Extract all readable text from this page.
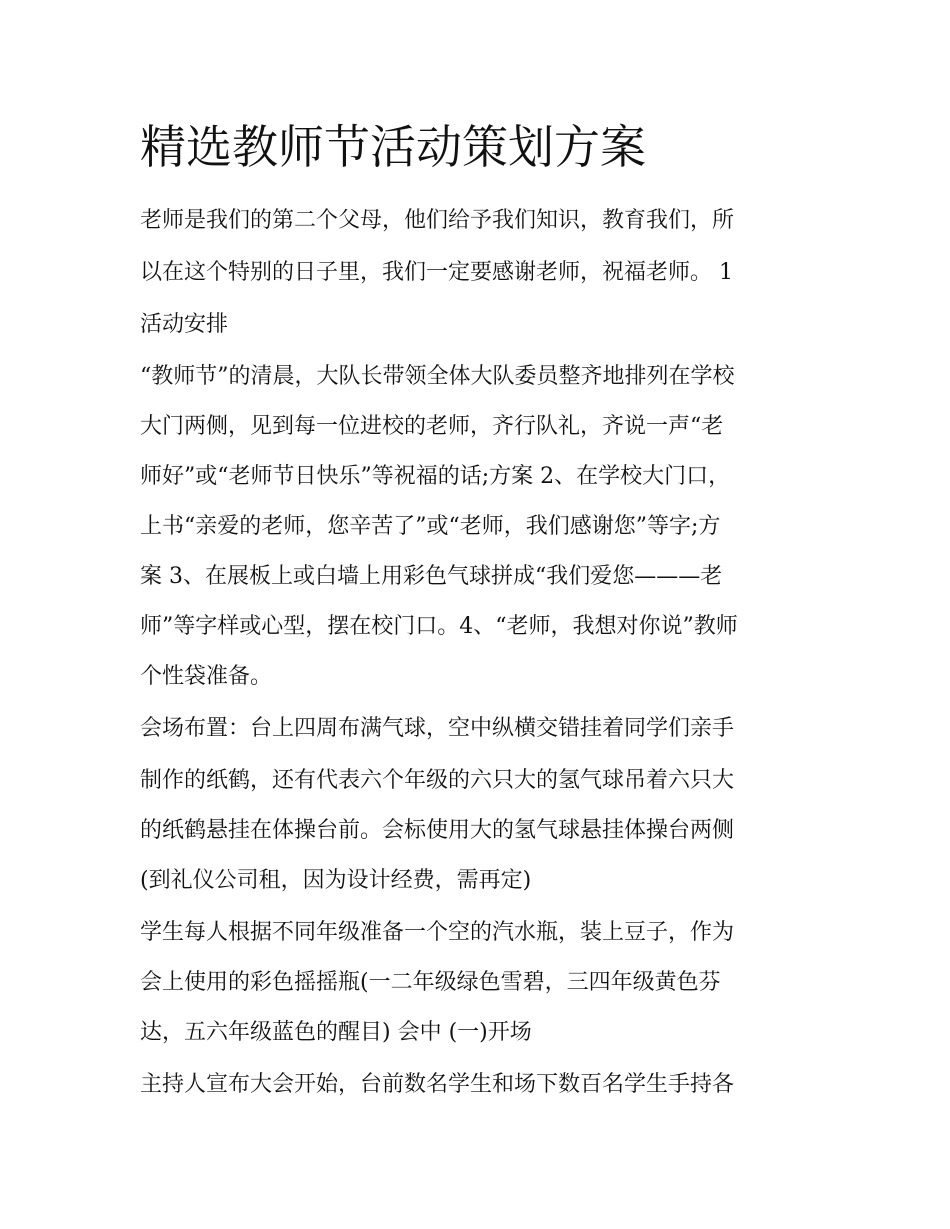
精选教师节活动策划方案
老师是我们的第二个父母，他们给予我们知识，教育我们，所
以在这个特别的日子里，我们一定要感谢老师，祝福老师。 1
活动安排
“教师节”的清晨，大队长带领全体大队委员整齐地排列在学校
大门两侧，见到每一位进校的老师，齐行队礼，齐说一声“老
师好”或“老师节日快乐”等祝福的话;方案 2、在学校大门口，
上书“亲爱的老师，您辛苦了”或“老师，我们感谢您”等字;方
案 3、在展板上或白墙上用彩色气球拼成“我们爱您———老
师”等字样或心型，摆在校门口。4、“老师，我想对你说”教师
个性袋准备。
会场布置：台上四周布满气球，空中纵横交错挂着同学们亲手
制作的纸鹤，还有代表六个年级的六只大的氢气球吊着六只大
的纸鹤悬挂在体操台前。会标使用大的氢气球悬挂体操台两侧
(到礼仪公司租，因为设计经费，需再定)
学生每人根据不同年级准备一个空的汽水瓶，装上豆子，作为
会上使用的彩色摇摇瓶(一二年级绿色雪碧，三四年级黄色芬
达，五六年级蓝色的醒目) 会中 (一)开场
主持人宣布大会开始，台前数名学生和场下数百名学生手持各
